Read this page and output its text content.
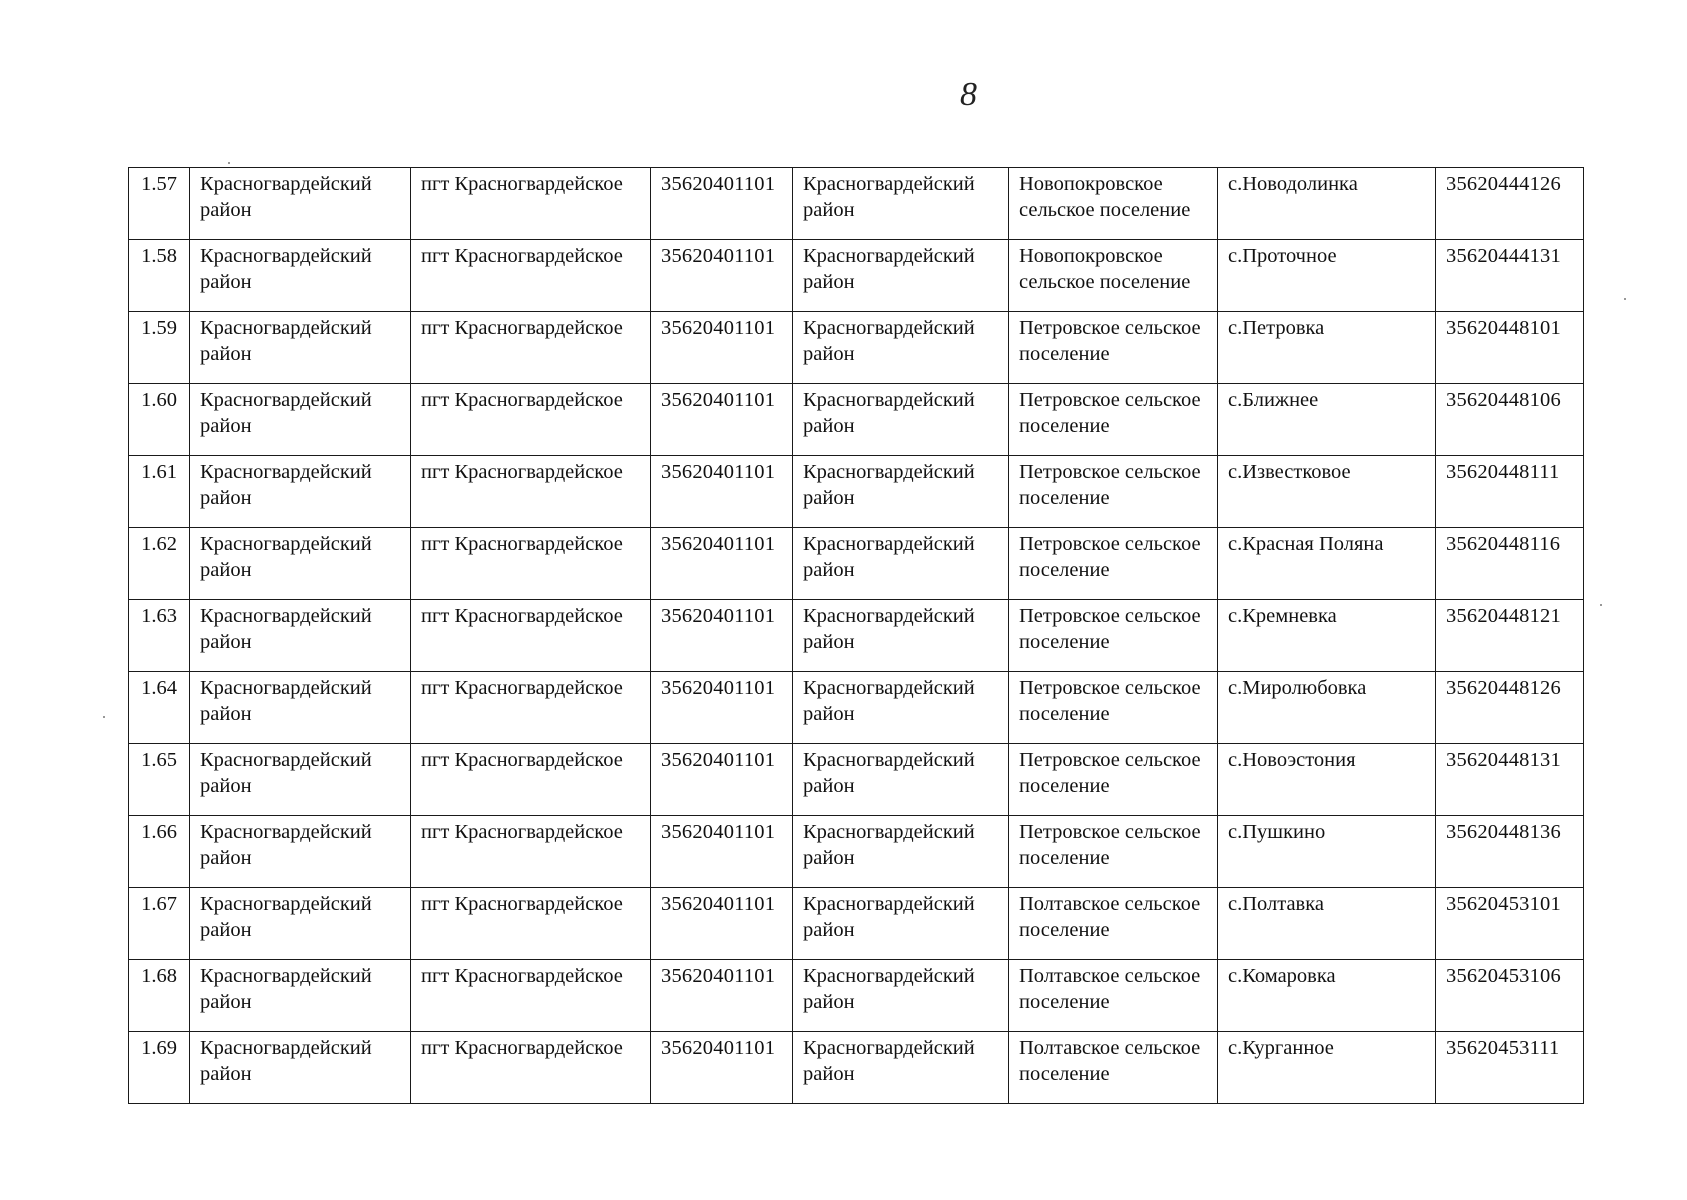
8
1.57	Красногвардейский район	пгт Красногвардейское	35620401101	Красногвардейский район	Новопокровское сельское поселение	с.Новодолинка	35620444126
1.58	Красногвардейский район	пгт Красногвардейское	35620401101	Красногвардейский район	Новопокровское сельское поселение	с.Проточное	35620444131
1.59	Красногвардейский район	пгт Красногвардейское	35620401101	Красногвардейский район	Петровское сельское поселение	с.Петровка	35620448101
1.60	Красногвардейский район	пгт Красногвардейское	35620401101	Красногвардейский район	Петровское сельское поселение	с.Ближнее	35620448106
1.61	Красногвардейский район	пгт Красногвардейское	35620401101	Красногвардейский район	Петровское сельское поселение	с.Известковое	35620448111
1.62	Красногвардейский район	пгт Красногвардейское	35620401101	Красногвардейский район	Петровское сельское поселение	с.Красная Поляна	35620448116
1.63	Красногвардейский район	пгт Красногвардейское	35620401101	Красногвардейский район	Петровское сельское поселение	с.Кремневка	35620448121
1.64	Красногвардейский район	пгт Красногвардейское	35620401101	Красногвардейский район	Петровское сельское поселение	с.Миролюбовка	35620448126
1.65	Красногвардейский район	пгт Красногвардейское	35620401101	Красногвардейский район	Петровское сельское поселение	с.Новоэстония	35620448131
1.66	Красногвардейский район	пгт Красногвардейское	35620401101	Красногвардейский район	Петровское сельское поселение	с.Пушкино	35620448136
1.67	Красногвардейский район	пгт Красногвардейское	35620401101	Красногвардейский район	Полтавское сельское поселение	с.Полтавка	35620453101
1.68	Красногвардейский район	пгт Красногвардейское	35620401101	Красногвардейский район	Полтавское сельское поселение	с.Комаровка	35620453106
1.69	Красногвардейский район	пгт Красногвардейское	35620401101	Красногвардейский район	Полтавское сельское поселение	с.Курганное	35620453111
